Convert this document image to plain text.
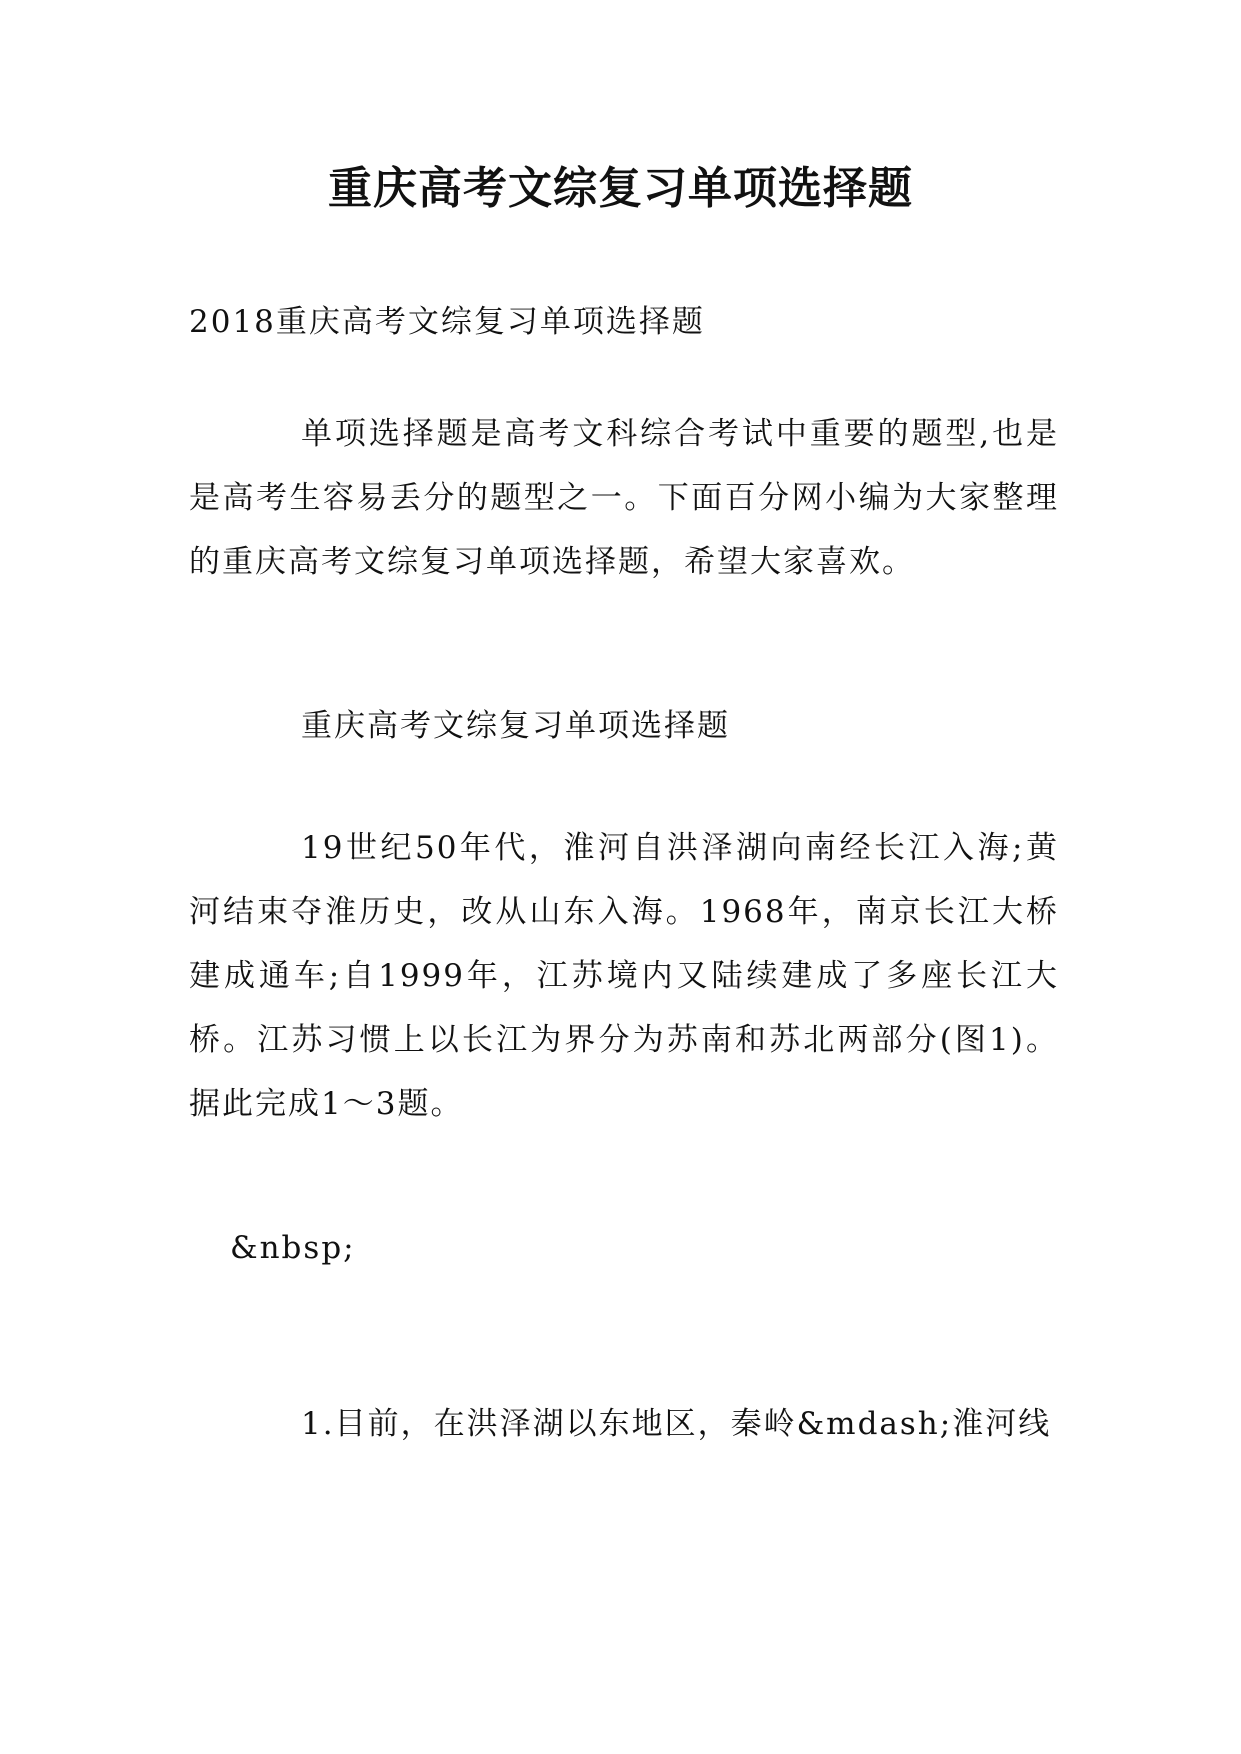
重庆高考文综复习单项选择题

2018重庆高考文综复习单项选择题

单项选择题是高考文科综合考试中重要的题型,也是是高考生容易丢分的题型之一。下面百分网小编为大家整理的重庆高考文综复习单项选择题，希望大家喜欢。

重庆高考文综复习单项选择题

19世纪50年代，淮河自洪泽湖向南经长江入海;黄河结束夺淮历史，改从山东入海。1968年，南京长江大桥建成通车;自1999年，江苏境内又陆续建成了多座长江大桥。江苏习惯上以长江为界分为苏南和苏北两部分(图1)。据此完成1～3题。

&nbsp;

1.目前，在洪泽湖以东地区，秦岭&mdash;淮河线
